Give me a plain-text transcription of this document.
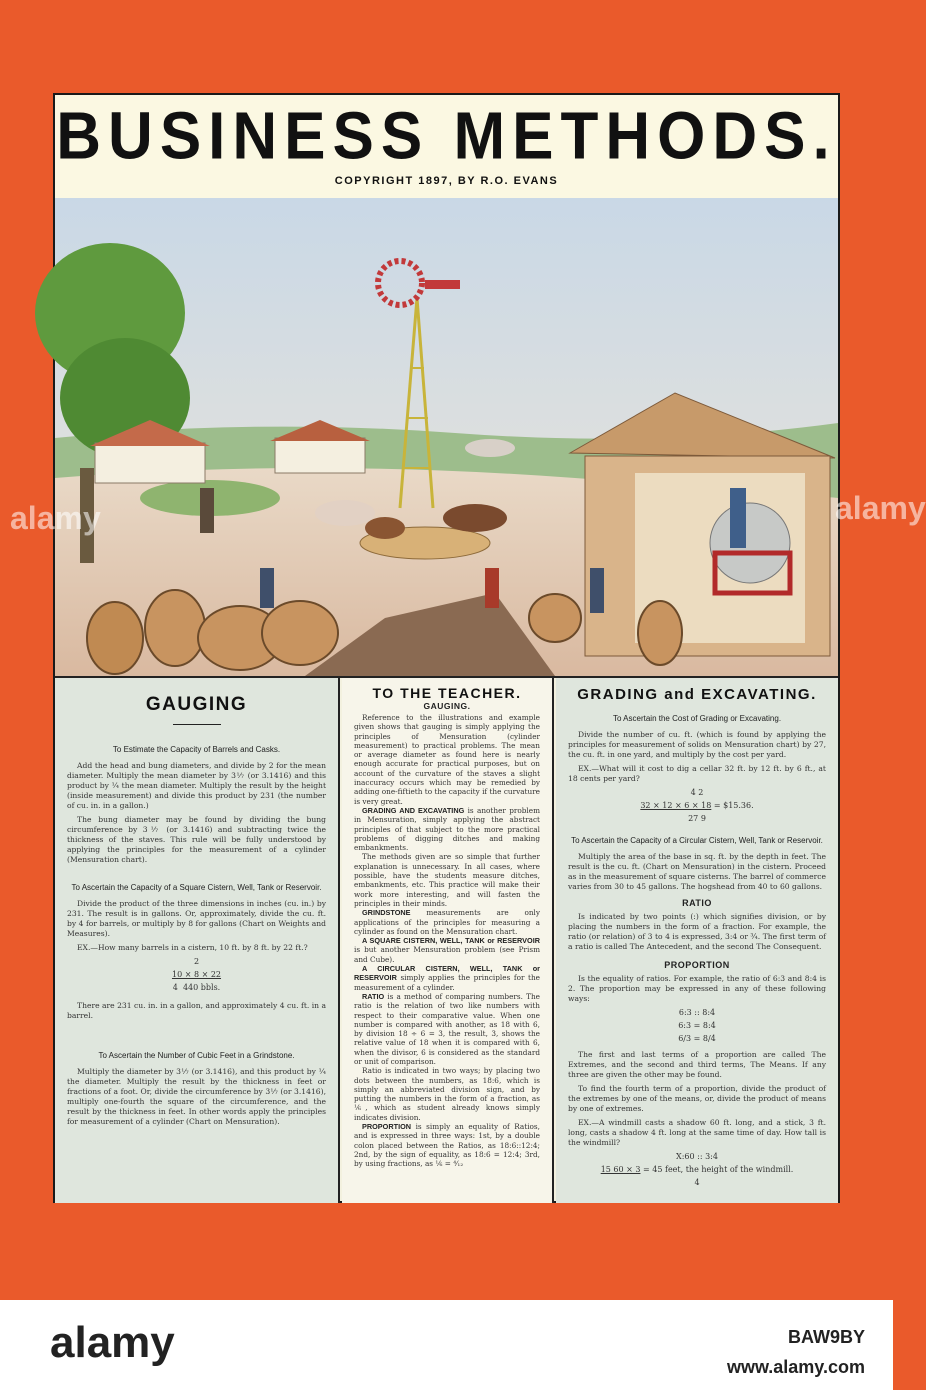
BUSINESS METHODS.
COPYRIGHT 1897, BY R.O. EVANS
GAUGING
To Estimate the Capacity of Barrels and Casks.

Add the head and bung diameters, and divide by 2 for the mean diameter. Multiply the mean diameter by 3⅐ (or 3.1416) and this product by ¼ the mean diameter. Multiply the result by the height (inside measurement) and divide this product by 231 (the number of cu. in. in a gallon.)

The bung diameter may be found by dividing the bung circumference by 3⅐ (or 3.1416) and subtracting twice the thickness of the staves. This rule will be fully understood by applying the principles for the measurement of a cylinder (Mensuration chart).

To Ascertain the Capacity of a Square Cistern, Well, Tank or Reservoir.

Divide the product of the three dimensions in inches (cu. in.) by 231. The result is in gallons. Or, approximately, divide the cu. ft. by 4 for barrels, or multiply by 8 for gallons (Chart on Weights and Measures).

EX.—How many barrels in a cistern, 10 ft. by 8 ft. by 22 ft.?

2
10 × 8 × 22
4 440 bbls.

There are 231 cu. in. in a gallon, and approximately 4 cu. ft. in a barrel.

To Ascertain the Number of Cubic Feet in a Grindstone.

Multiply the diameter by 3⅐ (or 3.1416), and this product by ¼ the diameter. Multiply the result by the thickness in feet or fractions of a foot. Or, divide the circumference by 3⅐ (or 3.1416), multiply one-fourth the square of the circumference, and the result by the thickness in feet. In other words apply the principles for measurement of a cylinder (Chart on Mensuration).

TO THE TEACHER.
GAUGING.

Reference to the illustrations and example given shows that gauging is simply applying the principles of Mensuration (cylinder measurement) to practical problems. The mean or average diameter as found here is nearly enough accurate for practical purposes, but on account of the curvature of the staves a slight inaccuracy occurs which may be remedied by adding one-fiftieth to the capacity if the curvature is very great.

GRADING AND EXCAVATING is another problem in Mensuration, simply applying the abstract principles of that subject to the more practical problems of digging ditches and making embankments.

The methods given are so simple that further explanation is unnecessary. In all cases, where possible, have the students measure ditches, embankments, etc. This practice will make their work more interesting, and will fasten the principles in their minds.

GRINDSTONE measurements are only applications of the principles for measuring a cylinder as found on the Mensuration chart.

A SQUARE CISTERN, WELL, TANK or RESERVOIR is but another Mensuration problem (see Prism and Cube).

A CIRCULAR CISTERN, WELL, TANK or RESERVOIR simply applies the principles for the measurement of a cylinder.

RATIO is a method of comparing numbers. The ratio is the relation of two like numbers with respect to their comparative value. When one number is compared with another, as 18 with 6, by division 18 ÷ 6 = 3, the result, 3, shows the relative value of 18 when it is compared with 6, when the divisor, 6 is considered as the standard or unit of comparison.

Ratio is indicated in two ways; by placing two dots between the numbers, as 18:6, which is simply an abbreviated division sign, and by putting the numbers in the form of a fraction, as ⅙, which as student already knows simply indicates division.

PROPORTION is simply an equality of Ratios, and is expressed in three ways: 1st, by a double colon placed between the Ratios, as 18:6::12:4; 2nd, by the sign of equality, as 18:6 = 12:4; 3rd, by using fractions, as ⅙ = ⁴⁄₁₂

GRADING and EXCAVATING.
To Ascertain the Cost of Grading or Excavating.

Divide the number of cu. ft. (which is found by applying the principles for measurement of solids on Mensuration chart) by 27, the cu. ft. in one yard, and multiply by the cost per yard.

EX.—What will it cost to dig a cellar 32 ft. by 12 ft. by 6 ft., at 18 cents per yard?

4 2
32 × 12 × 6 × 18 = $15.36.
27 9
To Ascertain the Capacity of a Circular Cistern, Well, Tank or Reservoir.

Multiply the area of the base in sq. ft. by the depth in feet. The result is the cu. ft. (Chart on Mensuration) in the cistern. Proceed as in the measurement of square cisterns. The barrel of commerce varies from 30 to 45 gallons. The hogshead from 40 to 60 gallons.

RATIO

Is indicated by two points (:) which signifies division, or by placing the numbers in the form of a fraction. For example, the ratio (or relation) of 3 to 4 is expressed, 3:4 or ¾. The first term of a ratio is called The Antecedent, and the second The Consequent.

PROPORTION

Is the equality of ratios. For example, the ratio of 6:3 and 8:4 is 2. The proportion may be expressed in any of these following ways:

6:3 :: 8:4
6:3 = 8:4
6/3 = 8/4

The first and last terms of a proportion are called The Extremes, and the second and third terms, The Means. If any three are given the other may be found.

To find the fourth term of a proportion, divide the product of the extremes by one of the means, or, divide the product of means by one of extremes.

EX.—A windmill casts a shadow 60 ft. long, and a stick, 3 ft. long, casts a shadow 4 ft. long at the same time of day. How tall is the windmill?

X:60 :: 3:4
15 60 × 3 = 45 feet, the height of the windmill.
4
alamy	alamy
alamy	BAW9BY
www.alamy.com
